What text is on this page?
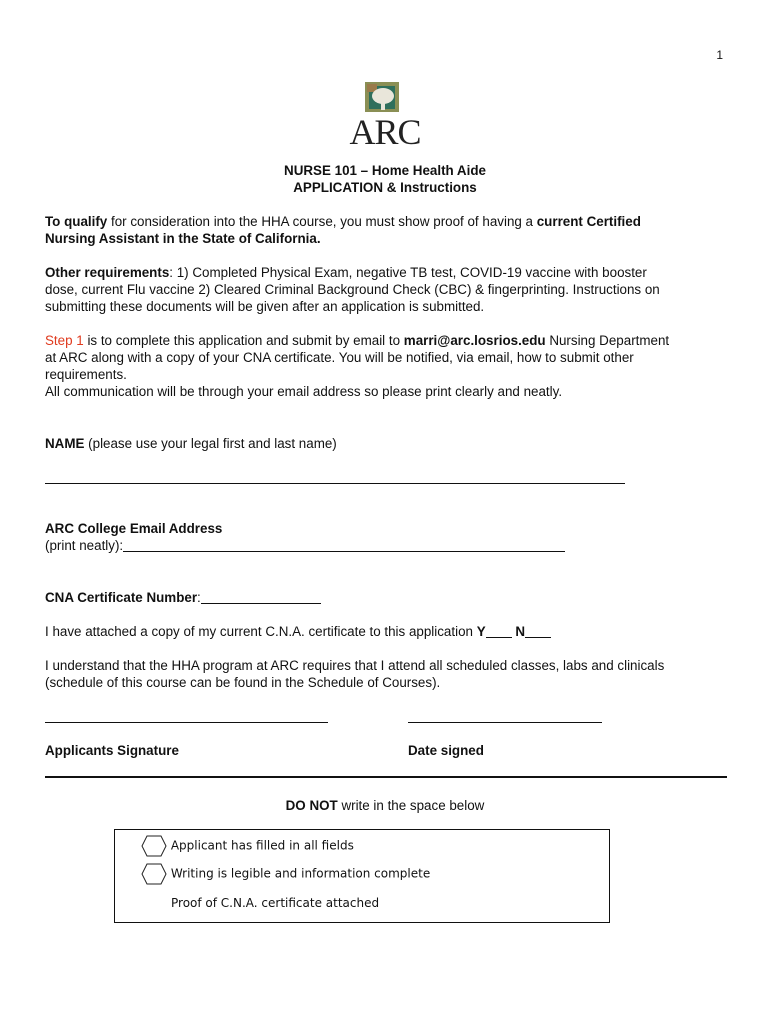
1
ARC
NURSE 101 – Home Health Aide
APPLICATION & Instructions
To qualify for consideration into the HHA course, you must show proof of having a current Certified
Nursing Assistant in the State of California.
Other requirements: 1) Completed Physical Exam, negative TB test, COVID-19 vaccine with booster
dose, current Flu vaccine 2) Cleared Criminal Background Check (CBC) & fingerprinting. Instructions on
submitting these documents will be given after an application is submitted.
Step 1 is to complete this application and submit by email to marri@arc.losrios.edu Nursing Department
at ARC along with a copy of your CNA certificate. You will be notified, via email, how to submit other
requirements.
All communication will be through your email address so please print clearly and neatly.
NAME (please use your legal first and last name)
ARC College Email Address
(print neatly):
CNA Certificate Number:
I have attached a copy of my current C.N.A. certificate to this application Y N
I understand that the HHA program at ARC requires that I attend all scheduled classes, labs and clinicals
(schedule of this course can be found in the Schedule of Courses).
Applicants Signature	Date signed
DO NOT write in the space below
Applicant has filled in all fields
Writing is legible and information complete
Proof of C.N.A. certificate attached
